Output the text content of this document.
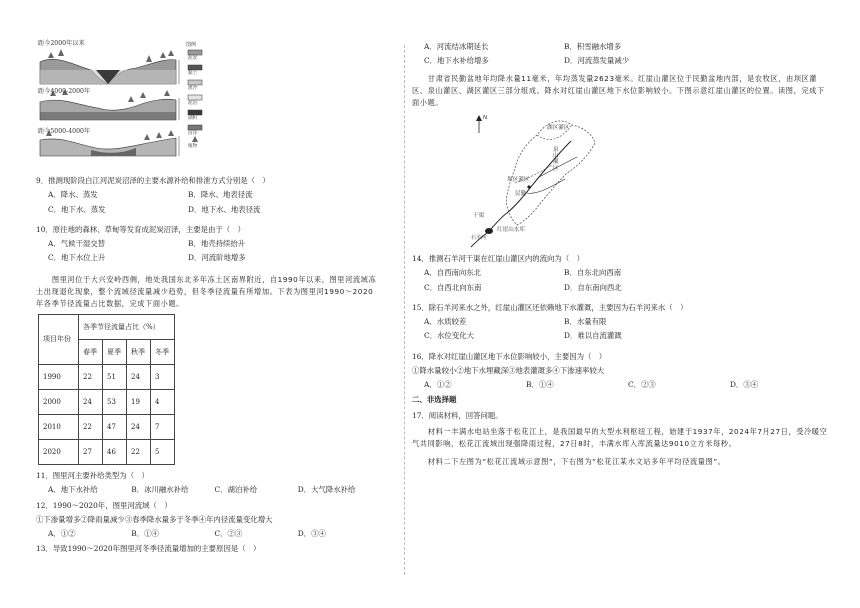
距今2000年以来
距今4000-2000年
距今5000-4000年
图例
泥炭
黏土
流沙
泥岩
湖积
沼泽
植物
9．推测现阶段白江河泥炭沼泽的主要水源补给和排泄方式分别是（　）
A．降水、蒸发	B．降水、地表径流
C．地下水、蒸发	D．地下水、地表径流
10．原往地的森林、草甸等发育成泥炭沼泽，主要是由于（　）
A．气候干湿交替	B．地壳持续抬升
C．地下水位上升	D．河流阶地增多
图里河位于大兴安岭西侧，地处我国东北多年冻土区南界附近，自1990年以来，图里河流域冻土出现退化现象，整个流域径流量减少趋势，但冬季径流量有所增加。下表为图里河1990～2020年各季节径流量占比数据，完成下面小题。
项目年份	各季节径流量占比（%）			
	春季	夏季	秋季	冬季
1990	22	51	24	3
2000	24	53	19	4
2010	22	47	24	7
2020	27	46	22	5
11．图里河主要补给类型为（　）
A．地下水补给	B．冰川融水补给	C．湖泊补给	D．大气降水补给
12．1990～2020年，图里河流域（　）
①下渗量增多②降雨量减少③春季降水量多于冬季④年内径流量变化增大
A．①②	B．①④	C．②③	D．③④
13．导致1990～2020年图里河冬季径流量增加的主要原因是（　）
A．河流结冰期延长	B．积雪融水增多
C．地下水补给增多	D．河流蒸发量减少
甘肃省民勤盆地年均降水量11毫米，年均蒸发量2623毫米。红崖山灌区位于民勤盆地内部，是农牧区，由坝区灌区、泉山灌区、湖区灌区三部分组成。降水对红崖山灌区地下水位影响较小。下图示意红崖山灌区的位置。读图，完成下面小题。
N
湖区灌区
泉山灌区
坝区灌区
民勤
干渠
红崖山水库
石羊河
14．推测石羊河干渠在红崖山灌区内的流向为（　）
A．自西南向东北	B．自东北向西南
C．自西北向东南	D．自东南向西北
15．除石羊河来水之外，红崖山灌区还依赖地下水灌溉，主要因为石羊河来水（　）
A．水质较差	B．水量有限
C．水位变化大	D．难以自流灌溉
16．降水对红崖山灌区地下水位影响较小，主要因为（　）
①降水量较小②地下水埋藏深③地表灌溉多④下渗速率较大
A．①②	B．①④	C．②③	D．③④
二、非选择题
17．阅读材料，回答问题。
材料一丰满水电站坐落于松花江上，是我国最早的大型水利枢纽工程，始建于1937年，2024年7月27日，受冷暖空气共同影响，松花江流域出现强降雨过程，27日8时，丰满水库入库流量达9010立方米每秒。
材料二下左图为“松花江流域示意图”，下右图为“松花江某水文站多年平均径流量图”。
